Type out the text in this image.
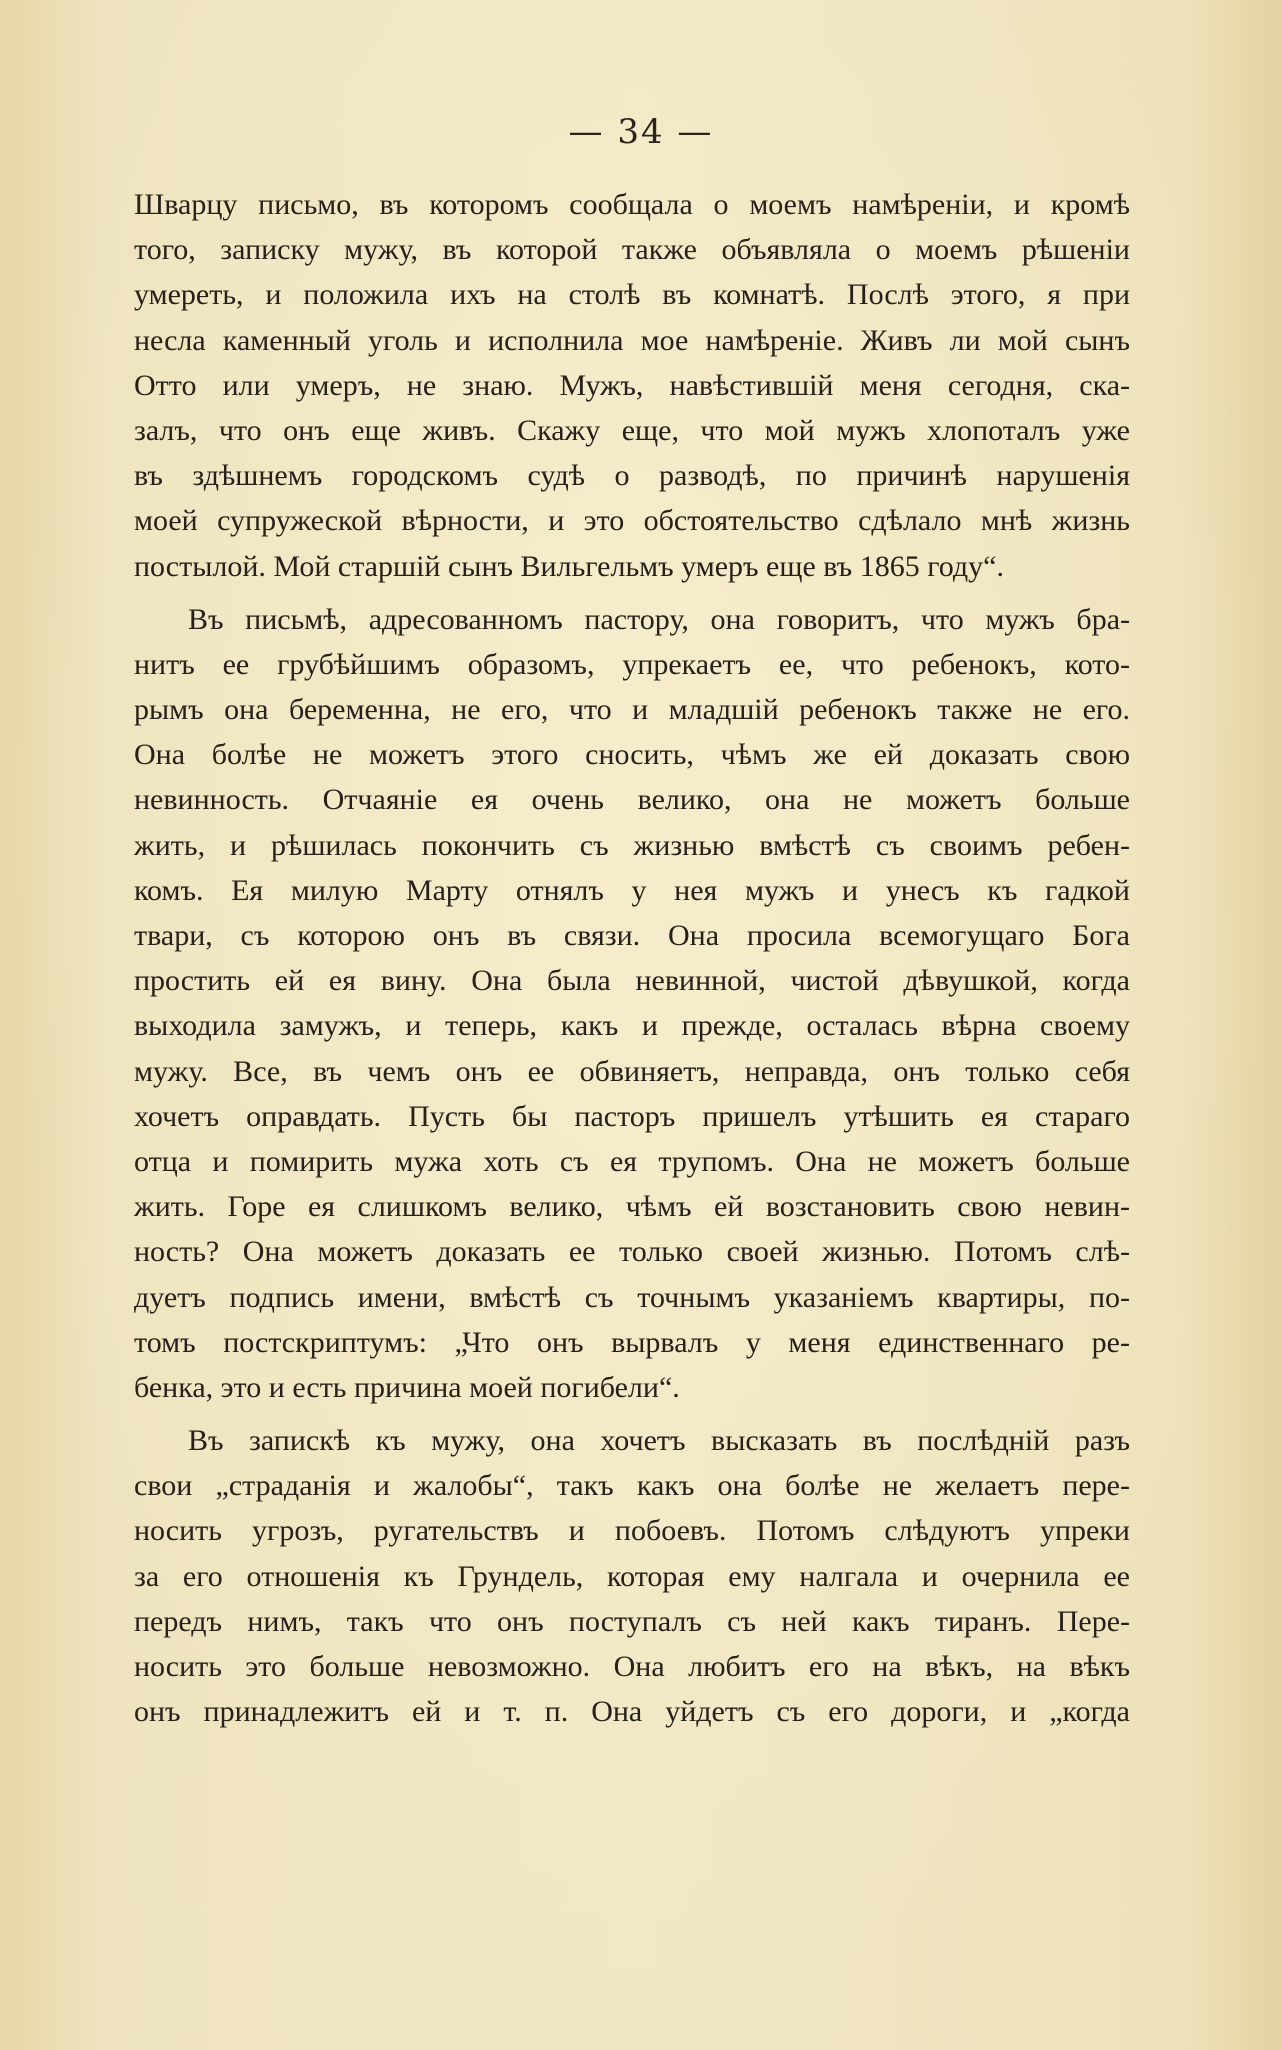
— 34 —
Шварцу письмо, въ которомъ сообщала о моемъ намѣренiи, и кромѣ
того, записку мужу, въ которой также объявляла о моемъ рѣшенiи
умереть, и положила ихъ на столѣ въ комнатѣ. Послѣ этого, я при
несла каменный уголь и исполнила мое намѣренiе. Живъ ли мой сынъ
Отто или умеръ, не знаю. Мужъ, навѣстившiй меня сегодня, ска-
залъ, что онъ еще живъ. Скажу еще, что мой мужъ хлопоталъ уже
въ здѣшнемъ городскомъ судѣ о разводѣ, по причинѣ нарушенiя
моей супружеской вѣрности, и это обстоятельство сдѣлало мнѣ жизнь
постылой. Мой старшiй сынъ Вильгельмъ умеръ еще въ 1865 году“.
Въ письмѣ, адресованномъ пастору, она говоритъ, что мужъ бра-
нитъ ее грубѣйшимъ образомъ, упрекаетъ ее, что ребенокъ, кото-
рымъ она беременна, не его, что и младшiй ребенокъ также не его.
Она болѣе не можетъ этого сносить, чѣмъ же ей доказать свою
невинность. Отчаянiе ея очень велико, она не можетъ больше
жить, и рѣшилась покончить съ жизнью вмѣстѣ съ своимъ ребен-
комъ. Ея милую Марту отнялъ у нея мужъ и унесъ къ гадкой
твари, съ которою онъ въ связи. Она просила всемогущаго Бога
простить ей ея вину. Она была невинной, чистой дѣвушкой, когда
выходила замужъ, и теперь, какъ и прежде, осталась вѣрна своему
мужу. Все, въ чемъ онъ ее обвиняетъ, неправда, онъ только себя
хочетъ оправдать. Пусть бы пасторъ пришелъ утѣшить ея стараго
отца и помирить мужа хоть съ ея трупомъ. Она не можетъ больше
жить. Горе ея слишкомъ велико, чѣмъ ей возстановить свою невин-
ность? Она можетъ доказать ее только своей жизнью. Потомъ слѣ-
дуетъ подпись имени, вмѣстѣ съ точнымъ указанiемъ квартиры, по-
томъ постскриптумъ: „Что онъ вырвалъ у меня единственнаго ре-
бенка, это и есть причина моей погибели“.
Въ запискѣ къ мужу, она хочетъ высказать въ послѣднiй разъ
свои „страданiя и жалобы“, такъ какъ она болѣе не желаетъ пере-
носить угрозъ, ругательствъ и побоевъ. Потомъ слѣдуютъ упреки
за его отношенiя къ Грундель, которая ему налгала и очернила ее
передъ нимъ, такъ что онъ поступалъ съ ней какъ тиранъ. Пере-
носить это больше невозможно. Она любитъ его на вѣкъ, на вѣкъ
онъ принадлежитъ ей и т. п. Она уйдетъ съ его дороги, и „когда
